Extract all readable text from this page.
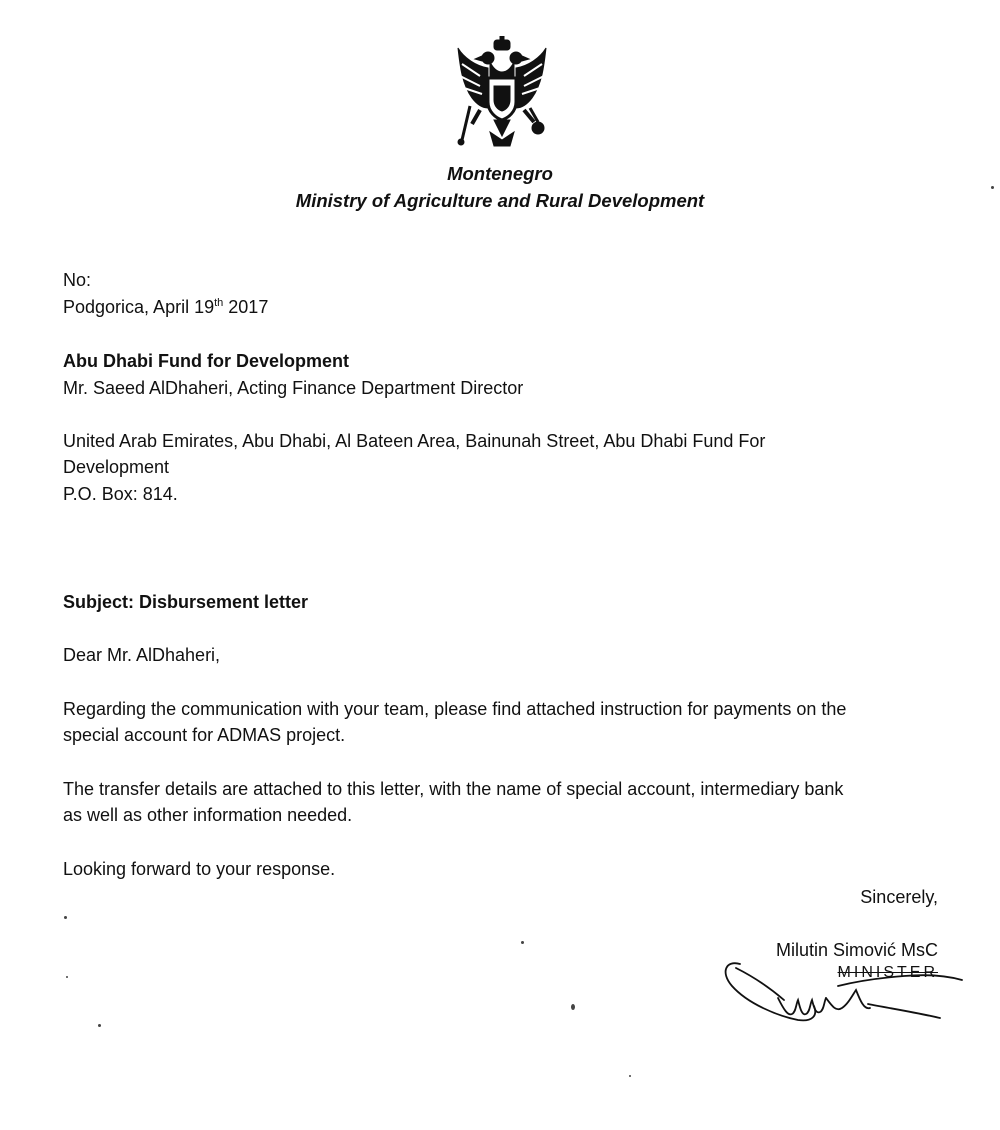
Montenegro
Ministry of Agriculture and Rural Development
No:
Podgorica, April 19th 2017
Abu Dhabi Fund for Development
Mr. Saeed AlDhaheri, Acting Finance Department Director
United Arab Emirates, Abu Dhabi, Al Bateen Area, Bainunah Street, Abu Dhabi Fund For
Development
P.O. Box: 814.
Subject: Disbursement letter
Dear Mr. AlDhaheri,
Regarding the communication with your team, please find attached instruction for payments on the
special account for ADMAS project.
The transfer details are attached to this letter, with the name of special account, intermediary bank
as well as other information needed.
Looking forward to your response.
Sincerely,
Milutin Simović MsC
MINISTER
